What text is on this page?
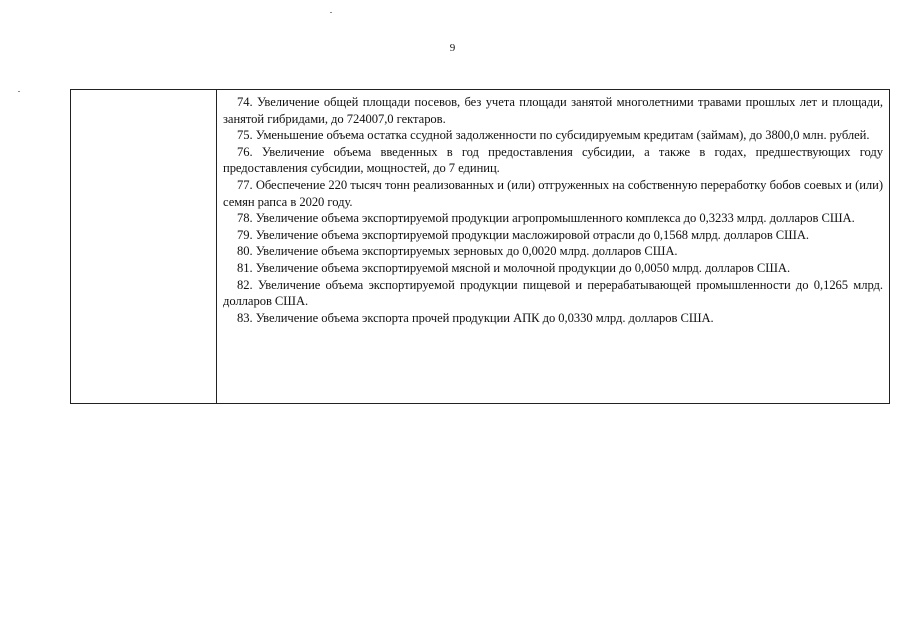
9

74. Увеличение общей площади посевов, без учета площади занятой многолетними травами прошлых лет и площади, занятой гибридами, до 724007,0 гектаров.

75. Уменьшение объема остатка ссудной задолженности по субсидируемым кредитам (займам), до 3800,0 млн. рублей.

76. Увеличение объема введенных в год предоставления субсидии, а также в годах, предшествующих году предоставления субсидии, мощностей, до 7 единиц.

77. Обеспечение 220 тысяч тонн реализованных и (или) отгруженных на собственную переработку бобов соевых и (или) семян рапса в 2020 году.

78. Увеличение объема экспортируемой продукции агропромышленного комплекса до 0,3233 млрд. долларов США.

79. Увеличение объема экспортируемой продукции масложировой отрасли до 0,1568 млрд. долларов США.

80. Увеличение объема экспортируемых зерновых до 0,0020 млрд. долларов США.

81. Увеличение объема экспортируемой мясной и молочной продукции до 0,0050 млрд. долларов США.

82. Увеличение объема экспортируемой продукции пищевой и перерабатывающей промышленности до 0,1265 млрд. долларов США.

83. Увеличение объема экспорта прочей продукции АПК до 0,0330 млрд. долларов США.
